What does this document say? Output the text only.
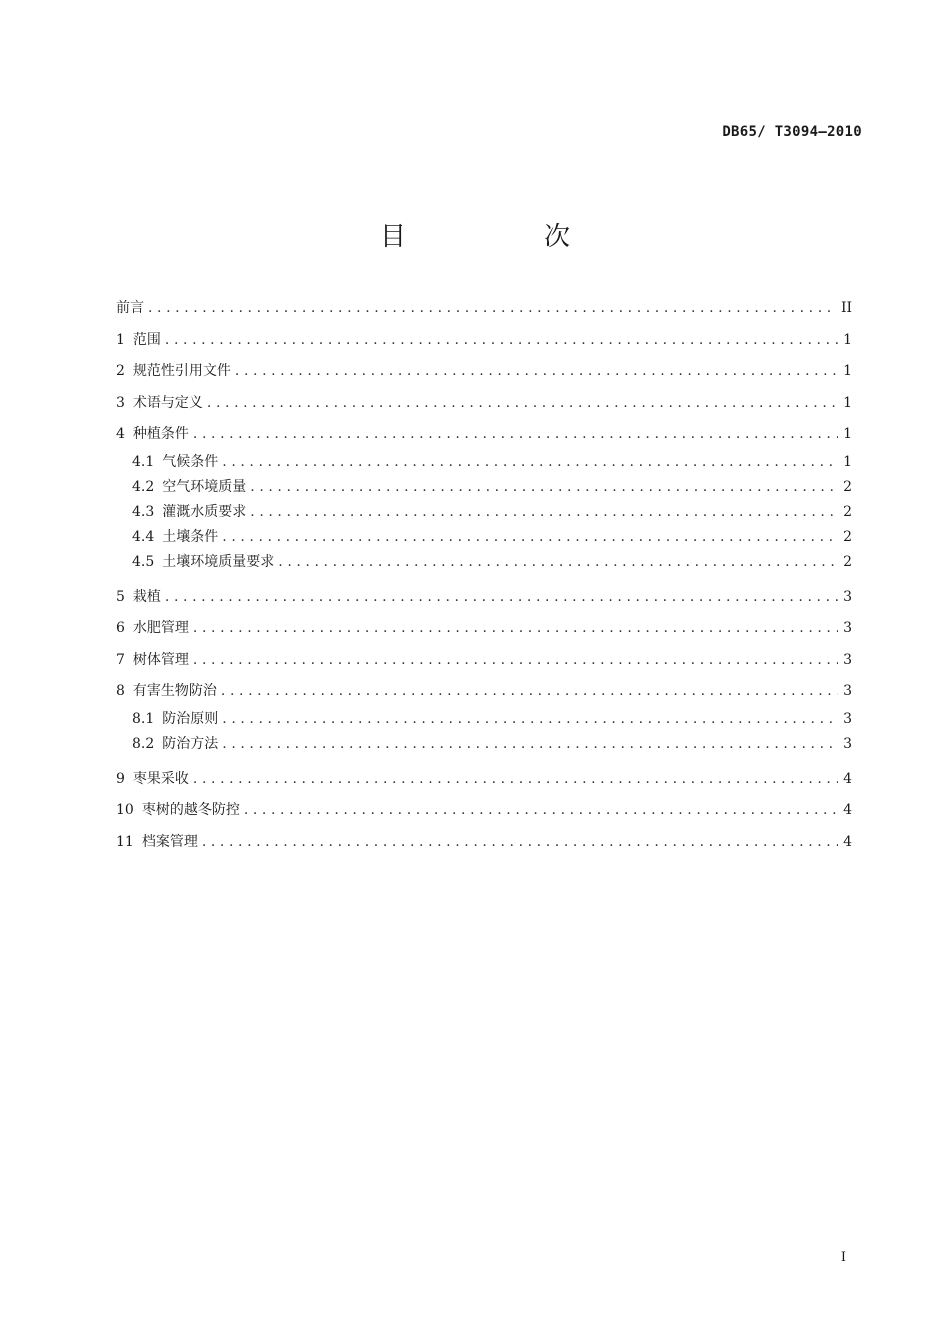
DB65/ T3094—2010
目　次
前言 .....	II
1 范围 .....	1
2 规范性引用文件 .....	1
3 术语与定义 .....	1
4 种植条件 .....	1
4.1 气候条件 .....	1
4.2 空气环境质量 .....	2
4.3 灌溉水质要求 .....	2
4.4 土壤条件 .....	2
4.5 土壤环境质量要求 .....	2
5 栽植 .....	3
6 水肥管理 .....	3
7 树体管理 .....	3
8 有害生物防治 .....	3
8.1 防治原则 .....	3
8.2 防治方法 .....	3
9 枣果采收 .....	4
10 枣树的越冬防控 .....	4
11 档案管理 .....	4
I
